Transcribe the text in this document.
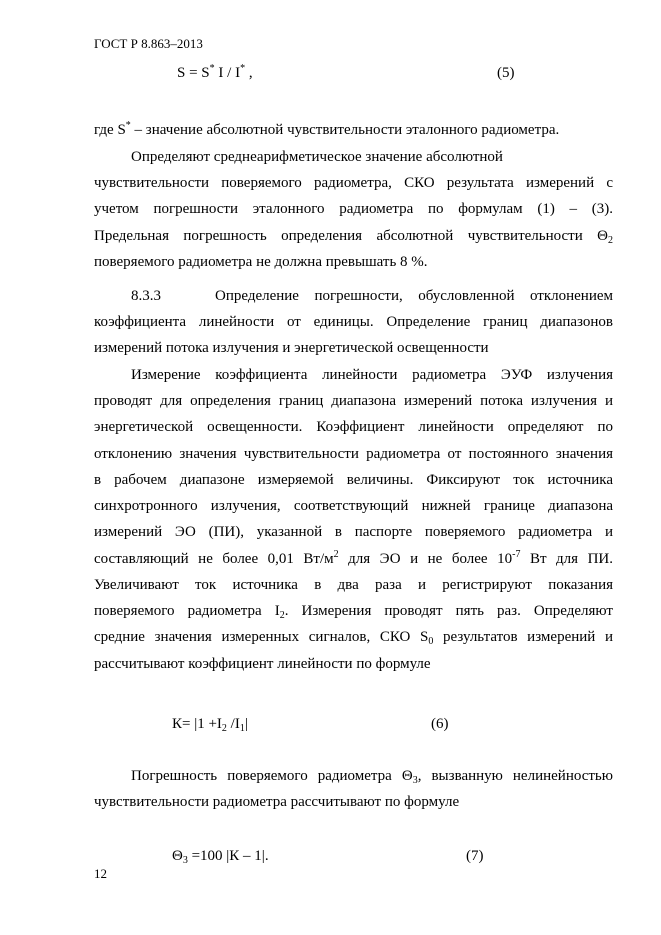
ГОСТ Р 8.863–2013
S = S* I / I* ,	(5)
где S* – значение абсолютной чувствительности эталонного радиометра.
Определяют среднеарифметическое значение абсолютной
чувствительности поверяемого радиометра, СКО результата измерений с
учетом погрешности эталонного радиометра по формулам (1) – (3).
Предельная погрешность определения абсолютной чувствительности $\Theta_2$
поверяемого радиометра не должна превышать 8 %.
8.3.3	Определение погрешности, обусловленной отклонением
коэффициента линейности от единицы. Определение границ диапазонов
измерений потока излучения и энергетической освещенности
Измерение коэффициента линейности радиометра ЭУФ излучения
проводят для определения границ диапазона измерений потока излучения и
энергетической освещенности. Коэффициент линейности определяют по
отклонению значения чувствительности радиометра от постоянного значения
в рабочем диапазоне измеряемой величины. Фиксируют ток источника
синхротронного излучения, соответствующий нижней границе диапазона
измерений ЭО (ПИ), указанной в паспорте поверяемого радиометра и
составляющий не более 0,01 $Вт/м^2$ для ЭО и не более $10^{-7}$ Вт для ПИ.
Увеличивают ток источника в два раза и регистрируют показания
поверяемого радиометра $I_2$. Измерения проводят пять раз. Определяют
средние значения измеренных сигналов, СКО $S_0$ результатов измерений и
рассчитывают коэффициент линейности по формуле
$К= |1 +I_2$ $/I_1|$	(6)
Погрешность поверяемого радиометра $\Theta_3$, вызванную нелинейностью
чувствительности радиометра рассчитывают по формуле
$\Theta_3 =100$ |К – 1|.	(7)
12
